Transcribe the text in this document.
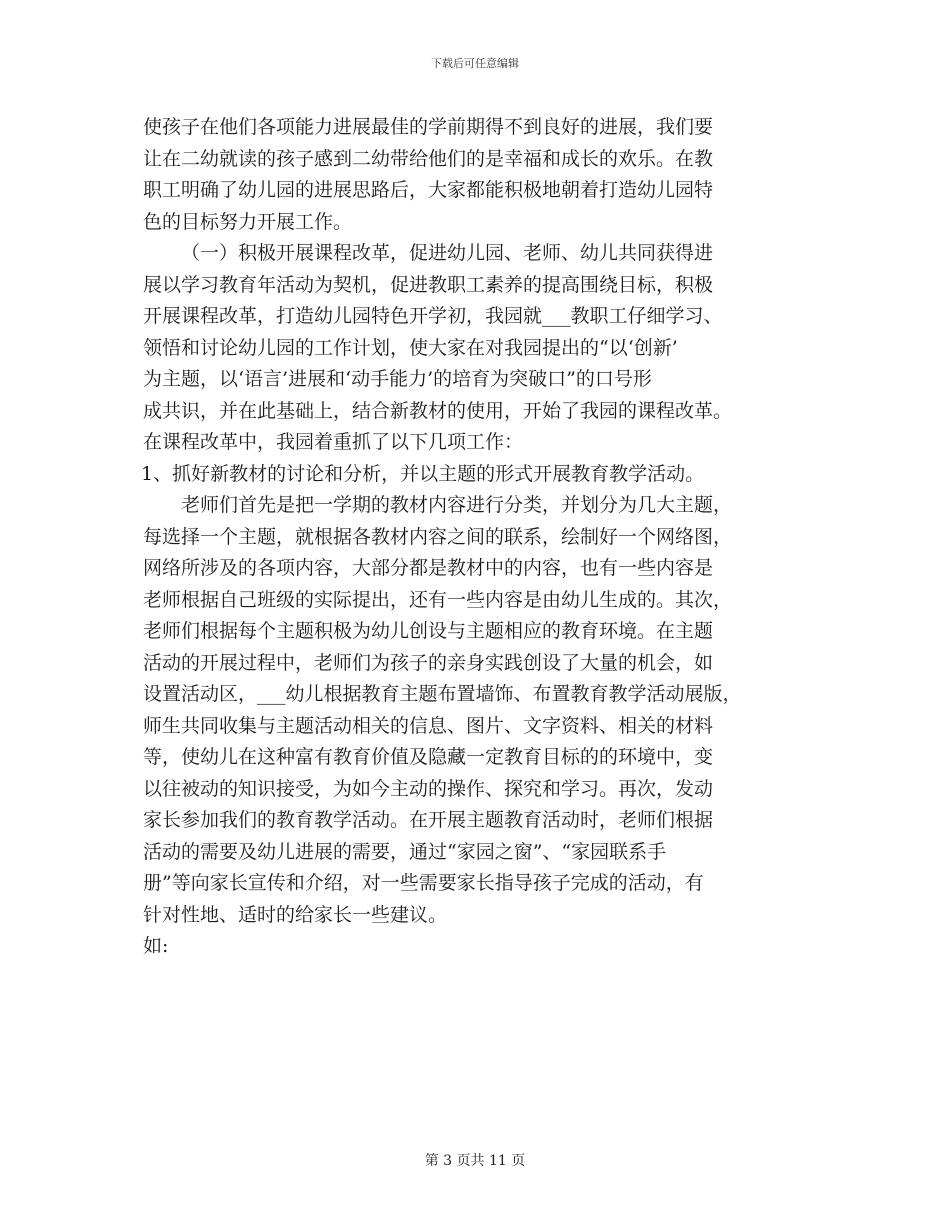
下载后可任意编辑
使孩子在他们各项能力进展最佳的学前期得不到良好的进展，我们要
让在二幼就读的孩子感到二幼带给他们的是幸福和成长的欢乐。在教
职工明确了幼儿园的进展思路后，大家都能积极地朝着打造幼儿园特
色的目标努力开展工作。
（一）积极开展课程改革，促进幼儿园、老师、幼儿共同获得进
展以学习教育年活动为契机，促进教职工素养的提高围绕目标，积极
开展课程改革，打造幼儿园特色开学初，我园就___教职工仔细学习、
领悟和讨论幼儿园的工作计划，使大家在对我园提出的“以‘创新’
为主题，以‘语言’进展和‘动手能力’的培育为突破口”的口号形
成共识，并在此基础上，结合新教材的使用，开始了我园的课程改革。
在课程改革中，我园着重抓了以下几项工作：
1、抓好新教材的讨论和分析，并以主题的形式开展教育教学活动。
老师们首先是把一学期的教材内容进行分类，并划分为几大主题，
每选择一个主题，就根据各教材内容之间的联系，绘制好一个网络图，
网络所涉及的各项内容，大部分都是教材中的内容，也有一些内容是
老师根据自己班级的实际提出，还有一些内容是由幼儿生成的。其次，
老师们根据每个主题积极为幼儿创设与主题相应的教育环境。在主题
活动的开展过程中，老师们为孩子的亲身实践创设了大量的机会，如
设置活动区，___幼儿根据教育主题布置墙饰、布置教育教学活动展版，
师生共同收集与主题活动相关的信息、图片、文字资料、相关的材料
等，使幼儿在这种富有教育价值及隐藏一定教育目标的的环境中，变
以往被动的知识接受，为如今主动的操作、探究和学习。再次，发动
家长参加我们的教育教学活动。在开展主题教育活动时，老师们根据
活动的需要及幼儿进展的需要，通过“家园之窗”、“家园联系手
册”等向家长宣传和介绍，对一些需要家长指导孩子完成的活动，有
针对性地、适时的给家长一些建议。
如:
第 3 页共 11 页
